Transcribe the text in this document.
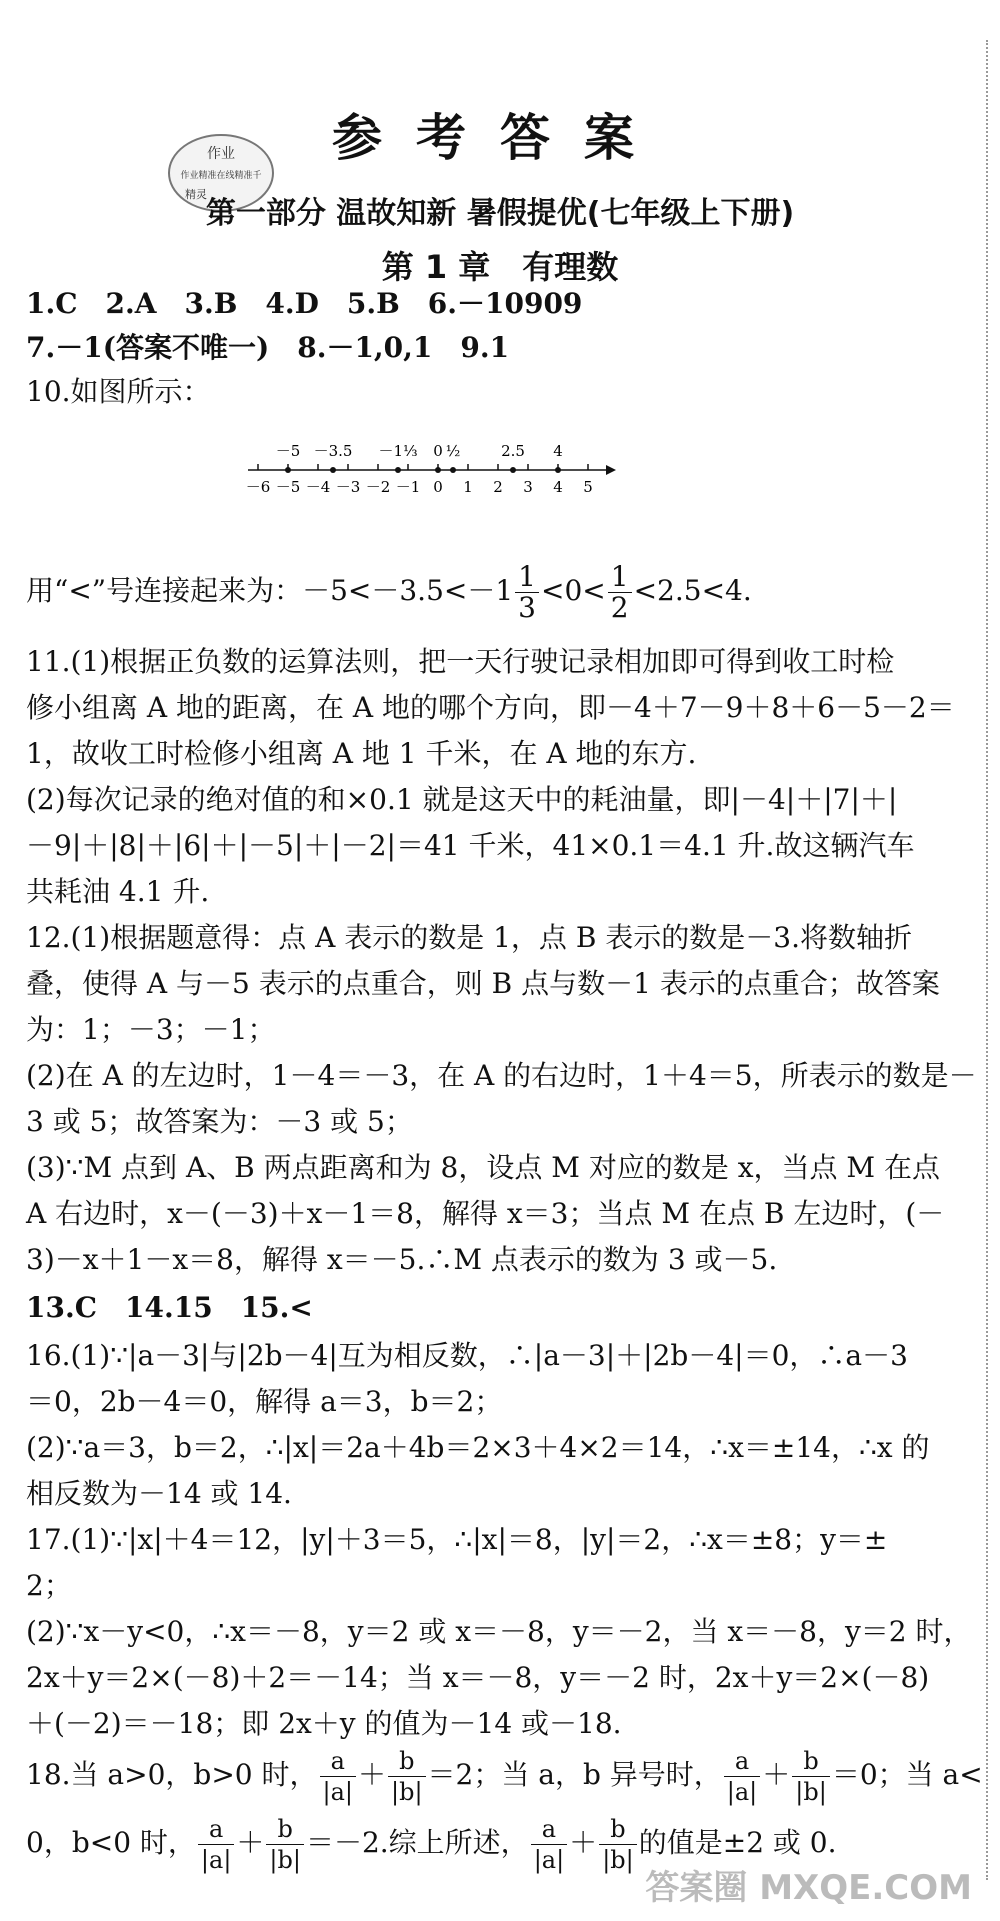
作业
作业精准在线精准千
精灵
参考答案
第一部分 温故知新 暑假提优(七年级上下册)
第 1 章　有理数
1.C　2.A　3.B　4.D　5.B　6.－10909
7.－1(答案不唯一)　8.－1,0,1　9.1
10.如图所示：
－6 －5 －4 －3 －2 －1 0 1 2 3 4 5
－5 －3.5 －1⅓ 0 ½	2.5 4
用“<”号连接起来为：$-5<-3.5<-1 \frac{1}{3} <0< \frac{1}{2} <2.5<4$.
11.(1)根据正负数的运算法则，把一天行驶记录相加即可得到收工时检
修小组离 A 地的距离，在 A 地的哪个方向，即－4＋7－9＋8＋6－5－2＝
1，故收工时检修小组离 A 地 1 千米，在 A 地的东方.
(2)每次记录的绝对值的和×0.1 就是这天中的耗油量，即|－4|＋|7|＋|
－9|＋|8|＋|6|＋|－5|＋|－2|＝41 千米，41×0.1＝4.1 升.故这辆汽车
共耗油 4.1 升.
12.(1)根据题意得：点 A 表示的数是 1，点 B 表示的数是－3.将数轴折
叠，使得 A 与－5 表示的点重合，则 B 点与数－1 表示的点重合；故答案
为：1；－3；－1；
(2)在 A 的左边时，1－4＝－3，在 A 的右边时，1＋4＝5，所表示的数是－
3 或 5；故答案为：－3 或 5；
(3)∵M 点到 A、B 两点距离和为 8，设点 M 对应的数是 x，当点 M 在点
A 右边时，x－(－3)＋x－1＝8，解得 x＝3；当点 M 在点 B 左边时，(－
3)－x＋1－x＝8，解得 x＝－5.∴M 点表示的数为 3 或－5.
13.C　14.15　15.<
16.(1)∵|a－3|与|2b－4|互为相反数，∴|a－3|＋|2b－4|＝0，∴a－3
＝0，2b－4＝0，解得 a＝3，b＝2；
(2)∵a＝3，b＝2，∴|x|＝2a＋4b＝2×3＋4×2＝14，∴x＝±14，∴x 的
相反数为－14 或 14.
17.(1)∵|x|＋4＝12，|y|＋3＝5，∴|x|＝8，|y|＝2，∴x＝±8；y＝±
2；
(2)∵x－y<0，∴x＝－8，y＝2 或 x＝－8，y＝－2，当 x＝－8，y＝2 时，
2x＋y＝2×(－8)＋2＝－14；当 x＝－8，y＝－2 时，2x＋y＝2×(－8)
＋(－2)＝－18；即 2x＋y 的值为－14 或－18.
18.当 a>0，b>0 时， $\frac{a}{|a|} + \frac{b}{|b|} =2$；当 a，b 异号时， $\frac{a}{|a|} + \frac{b}{|b|} =0$；当 a<
0，b<0 时， $\frac{a}{|a|} + \frac{b}{|b|} =-2$.综上所述， $\frac{a}{|a|} + \frac{b}{|b|}$ 的值是±2 或 0.
答案圈 MXQE.COM
